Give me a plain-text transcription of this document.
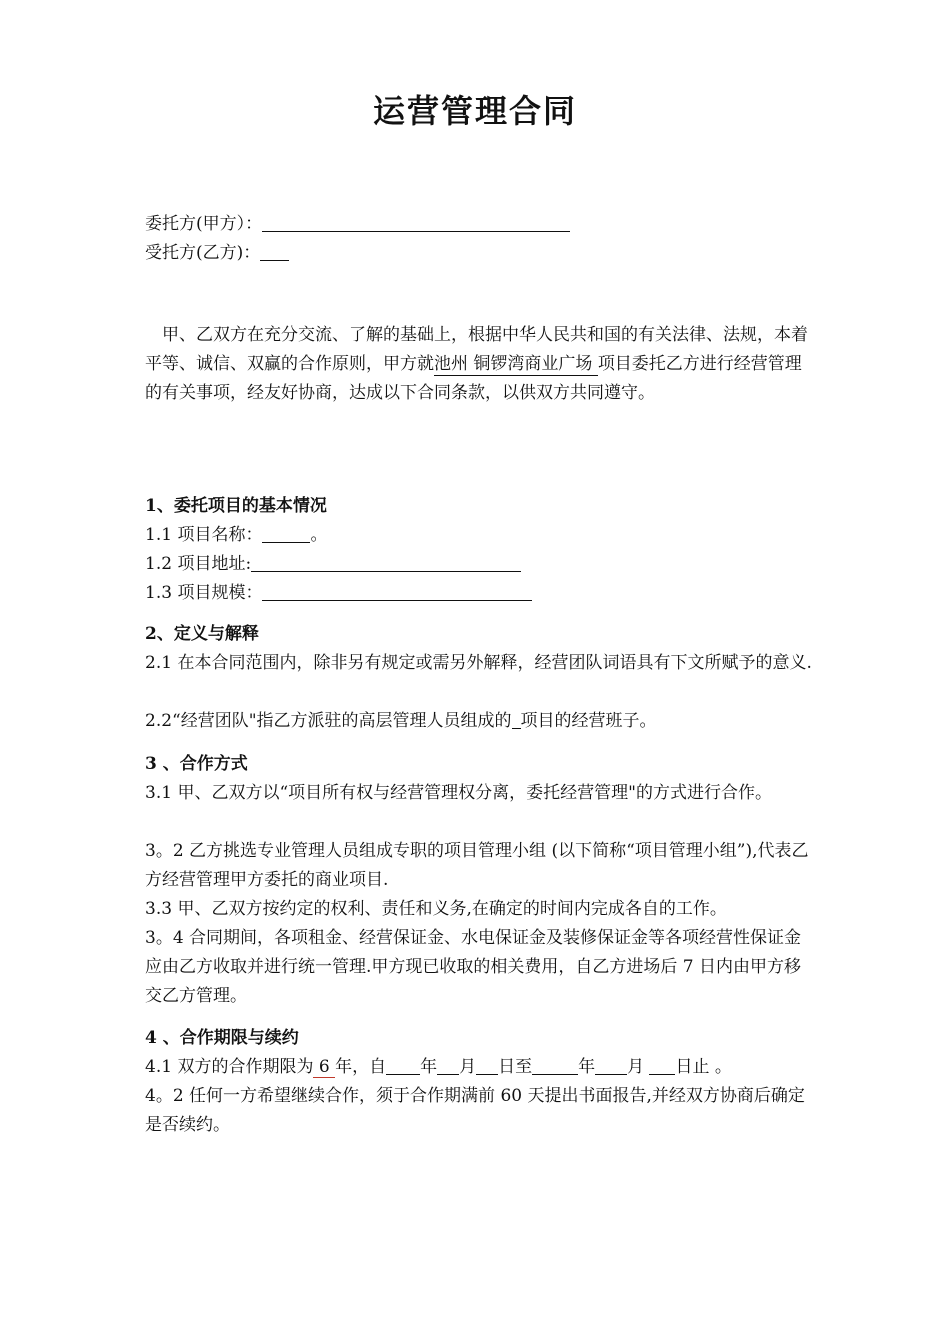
运营管理合同
委托方(甲方）：
受托方(乙方)：
甲、乙双方在充分交流、了解的基础上，根据中华人民共和国的有关法律、法规，本着平等、诚信、双赢的合作原则，甲方就池州 铜锣湾商业广场 项目委托乙方进行经营管理的有关事项，经友好协商，达成以下合同条款，以供双方共同遵守。
1、委托项目的基本情况
1.1 项目名称：	。
1.2 项目地址:
1.3 项目规模：
2、定义与解释
2.1 在本合同范围内，除非另有规定或需另外解释，经营团队词语具有下文所赋予的意义.
2.2“经营团队"指乙方派驻的高层管理人员组成的 项目的经营班子。
3 、合作方式
3.1 甲、乙双方以“项目所有权与经营管理权分离，委托经营管理"的方式进行合作。
3。2 乙方挑选专业管理人员组成专职的项目管理小组 (以下简称“项目管理小组”),代表乙方经营管理甲方委托的商业项目.
3.3 甲、乙双方按约定的权利、责任和义务,在确定的时间内完成各自的工作。
3。4 合同期间，各项租金、经营保证金、水电保证金及装修保证金等各项经营性保证金应由乙方收取并进行统一管理.甲方现已收取的相关费用，自乙方进场后 7 日内由甲方移交乙方管理。
4 、合作期限与续约
4.1 双方的合作期限为 6 年，自 年 月 日至	年 月 日止 。
4。2 任何一方希望继续合作，须于合作期满前 60 天提出书面报告,并经双方协商后确定是否续约。
